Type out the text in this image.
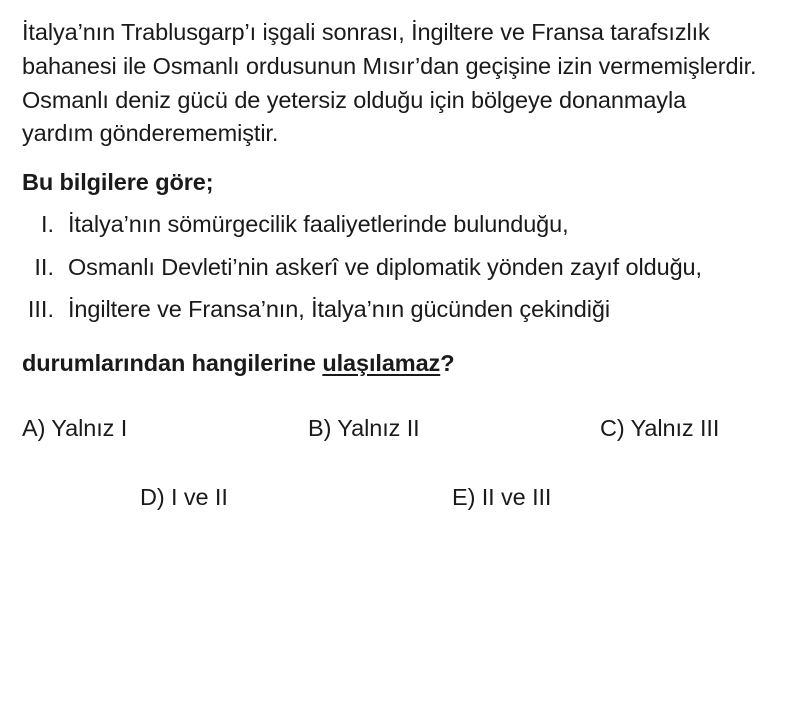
İtalya’nın Trablusgarp’ı işgali sonrası, İngiltere ve Fransa tarafsızlık bahanesi ile Osmanlı ordusunun Mısır’dan geçişine izin vermemişlerdir. Osmanlı deniz gücü de yetersiz olduğu için bölgeye donanmayla yardım gönderememiştir.

Bu bilgilere göre;

I. İtalya’nın sömürgecilik faaliyetlerinde bulunduğu,
II. Osmanlı Devleti’nin askerî ve diplomatik yönden zayıf olduğu,
III. İngiltere ve Fransa’nın, İtalya’nın gücünden çekindiği

durumlarından hangilerine ulaşılamaz?

A) Yalnız I	B) Yalnız II	C) Yalnız III
D) I ve II	E) II ve III
